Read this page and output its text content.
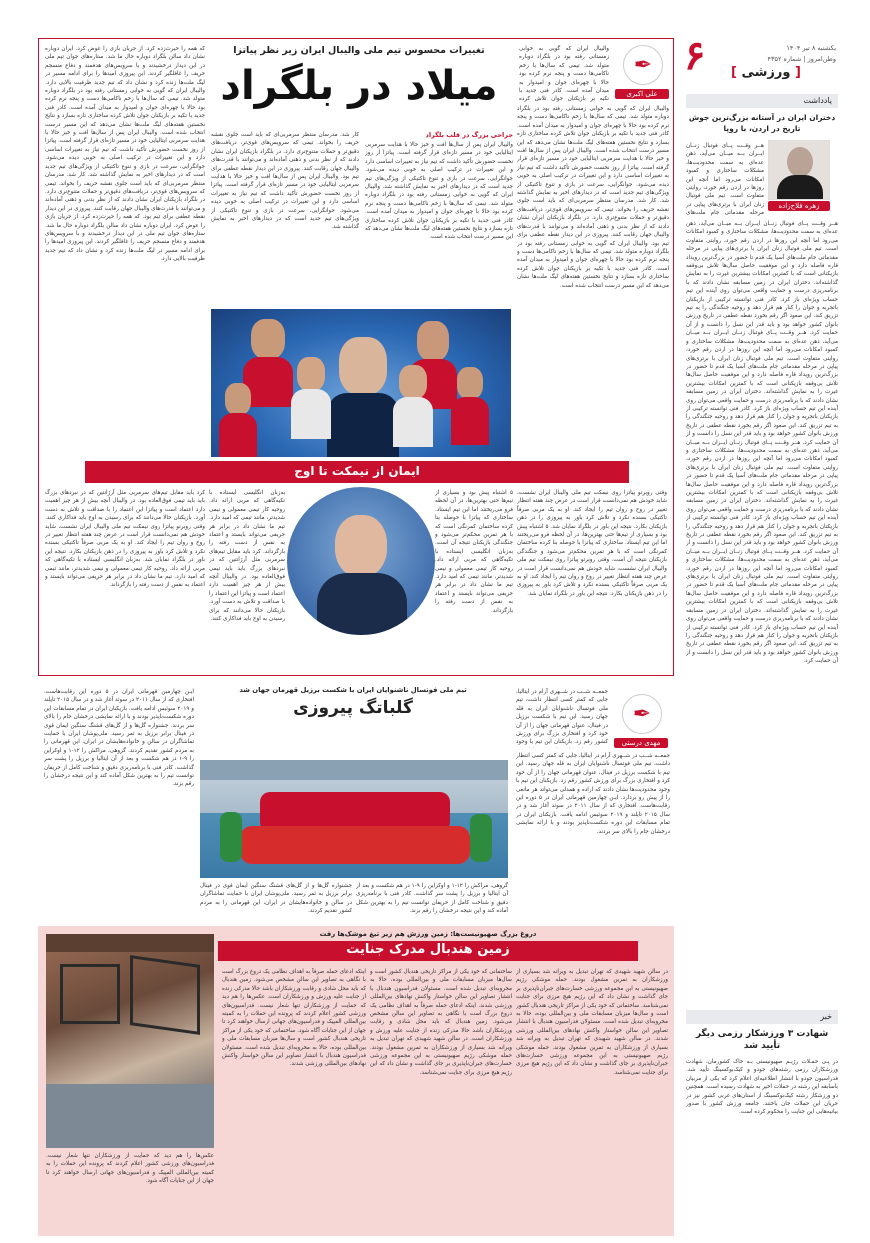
۶	یکشنبه ۸ تیر ۱۴۰۴
وطن‌امروز | شماره ۴۳۵۲
[ ورزشی ]
یادداشت
دختران ایران در آستانه بزرگ‌ترین جوش تاریخ در اردن، با روپا
زهره فلاح‌زاده
هــر وقــت پــای فوتبال زنــان ایــران بــه میــان می‌آید، ذهن عده‌ای به سمت محدودیت‌ها، مشکلات ساختاری و کمبود امکانات می‌رود اما آنچه این روزها در اردن رقم خورد، روایتی متفاوت است. تیم ملی فوتبال زنان ایران با برتری‌های پیاپی در مرحله مقدماتی جام ملت‌های
هــر وقــت پــای فوتبال زنــان ایــران بــه میــان می‌آید، ذهن عده‌ای به سمت محدودیت‌ها، مشکلات ساختاری و کمبود امکانات می‌رود اما آنچه این روزها در اردن رقم خورد، روایتی متفاوت است. تیم ملی فوتبال زنان ایران با برتری‌های پیاپی در مرحله مقدماتی جام ملت‌های آسیا یک قدم تا حضور در بزرگ‌ترین رویداد قاره فاصله دارد و این موفقیت حاصل سال‌ها تلاش بی‌وقفه بازیکنانی است که با کمترین امکانات بیشترین غیرت را به نمایش گذاشته‌اند. دختران ایران در زمین مسابقه نشان دادند که با برنامه‌ریزی درست و حمایت واقعی می‌توان روی آینده این تیم حساب ویژه‌ای باز کرد. کادر فنی توانسته ترکیبی از بازیکنان باتجربه و جوان را کنار هم قرار دهد و روحیه جنگندگی را به تیم تزریق کند. این صعود اگر رقم بخورد نقطه عطفی در تاریخ ورزش بانوان کشور خواهد بود و باید قدر این نسل را دانست و از آن حمایت کرد. هــر وقــت پــای فوتبال زنــان ایــران بــه میــان می‌آید، ذهن عده‌ای به سمت محدودیت‌ها، مشکلات ساختاری و کمبود امکانات می‌رود اما آنچه این روزها در اردن رقم خورد، روایتی متفاوت است. تیم ملی فوتبال زنان ایران با برتری‌های پیاپی در مرحله مقدماتی جام ملت‌های آسیا یک قدم تا حضور در بزرگ‌ترین رویداد قاره فاصله دارد و این موفقیت حاصل سال‌ها تلاش بی‌وقفه بازیکنانی است که با کمترین امکانات بیشترین غیرت را به نمایش گذاشته‌اند. دختران ایران در زمین مسابقه نشان دادند که با برنامه‌ریزی درست و حمایت واقعی می‌توان روی آینده این تیم حساب ویژه‌ای باز کرد. کادر فنی توانسته ترکیبی از بازیکنان باتجربه و جوان را کنار هم قرار دهد و روحیه جنگندگی را به تیم تزریق کند. این صعود اگر رقم بخورد نقطه عطفی در تاریخ ورزش بانوان کشور خواهد بود و باید قدر این نسل را دانست و از آن حمایت کرد. هــر وقــت پــای فوتبال زنــان ایــران بــه میــان می‌آید، ذهن عده‌ای به سمت محدودیت‌ها، مشکلات ساختاری و کمبود امکانات می‌رود اما آنچه این روزها در اردن رقم خورد، روایتی متفاوت است. تیم ملی فوتبال زنان ایران با برتری‌های پیاپی در مرحله مقدماتی جام ملت‌های آسیا یک قدم تا حضور در بزرگ‌ترین رویداد قاره فاصله دارد و این موفقیت حاصل سال‌ها تلاش بی‌وقفه بازیکنانی است که با کمترین امکانات بیشترین غیرت را به نمایش گذاشته‌اند. دختران ایران در زمین مسابقه نشان دادند که با برنامه‌ریزی درست و حمایت واقعی می‌توان روی آینده این تیم حساب ویژه‌ای باز کرد. کادر فنی توانسته ترکیبی از بازیکنان باتجربه و جوان را کنار هم قرار دهد و روحیه جنگندگی را به تیم تزریق کند. این صعود اگر رقم بخورد نقطه عطفی در تاریخ ورزش بانوان کشور خواهد بود و باید قدر این نسل را دانست و از آن حمایت کرد. هــر وقــت پــای فوتبال زنــان ایــران بــه میــان می‌آید، ذهن عده‌ای به سمت محدودیت‌ها، مشکلات ساختاری و کمبود امکانات می‌رود اما آنچه این روزها در اردن رقم خورد، روایتی متفاوت است. تیم ملی فوتبال زنان ایران با برتری‌های پیاپی در مرحله مقدماتی جام ملت‌های آسیا یک قدم تا حضور در بزرگ‌ترین رویداد قاره فاصله دارد و این موفقیت حاصل سال‌ها تلاش بی‌وقفه بازیکنانی است که با کمترین امکانات بیشترین غیرت را به نمایش گذاشته‌اند. دختران ایران در زمین مسابقه نشان دادند که با برنامه‌ریزی درست و حمایت واقعی می‌توان روی آینده این تیم حساب ویژه‌ای باز کرد. کادر فنی توانسته ترکیبی از بازیکنان باتجربه و جوان را کنار هم قرار دهد و روحیه جنگندگی را به تیم تزریق کند. این صعود اگر رقم بخورد نقطه عطفی در تاریخ ورزش بانوان کشور خواهد بود و باید قدر این نسل را دانست و از آن حمایت کرد.
خبر
شهادت ۳ ورزشکار رزمی دیگر تأیید شد
در پـی حمـلات رژیـم صهیونیستی بـه خاک کشورمان، شهادت ورزشکاران رزمی رشته‌های جودو و کیک‌بوکسینگ تأیید شد. فدراسیون جودو با انتشار اطلاعیه‌ای اعلام کرد که یکی از مربیان باسابقه این رشته در حملات اخیر به شهادت رسیده است. همچنین دو ورزشکار رشته کیک‌بوکسینگ از استان‌های غربی کشور نیز در جریان این حملات جان باختند. جامعه ورزش کشور با صدور بیانیه‌هایی این جنایت را محکوم کرده است.
✒
علی اکبری
والیبال ایران که گویی به خوابی زمستانی رفته بود در بلگراد دوباره متولد شد. تیمی که سال‌ها با زخم ناکامی‌ها دست و پنجه نرم کرده بود حالا با چهره‌ای جوان و امیدوار به میدان آمده است. کادر فنی جدید با تکیه بر بازیکنان جوان تلاش کرده
والیبال ایران که گویی به خوابی زمستانی رفته بود در بلگراد دوباره متولد شد. تیمی که سال‌ها با زخم ناکامی‌ها دست و پنجه نرم کرده بود حالا با چهره‌ای جوان و امیدوار به میدان آمده است. کادر فنی جدید با تکیه بر بازیکنان جوان تلاش کرده ساختاری تازه بسازد و نتایج نخستین هفته‌های لیگ ملت‌ها نشان می‌دهد که این مسیر درست انتخاب شده است. والیبال ایران پس از سال‌ها افت و خیز حالا با هدایت سرمربی ایتالیایی خود در مسیر تازه‌ای قرار گرفته است. پیاتزا از روز نخست حضورش تأکید داشت که تیم نیاز به تغییرات اساسی دارد و این تغییرات در ترکیب اصلی به خوبی دیده می‌شود. جوانگرایی، سرعت در بازی و تنوع تاکتیکی از ویژگی‌های تیم جدید است که در دیدارهای اخیر به نمایش گذاشته شد. کار شد. مدرسان منتظر سرمربی‌ای که باید است جلوی نقشه حریف را بخواند. تیمی که سرویس‌های قوی‌تر، دریافت‌های دقیق‌تر و حملات متنوع‌تری دارد. در بلگراد بازیکنان ایران نشان دادند که از نظر بدنی و ذهنی آماده‌اند و می‌توانند با قدرت‌های والیبال جهان رقابت کنند. پیروزی در این دیدار نقطه عطفی برای تیم بود. والیبال ایران که گویی به خوابی زمستانی رفته بود در بلگراد دوباره متولد شد. تیمی که سال‌ها با زخم ناکامی‌ها دست و پنجه نرم کرده بود حالا با چهره‌ای جوان و امیدوار به میدان آمده است. کادر فنی جدید با تکیه بر بازیکنان جوان تلاش کرده ساختاری تازه بسازد و نتایج نخستین هفته‌های لیگ ملت‌ها نشان می‌دهد که این مسیر درست انتخاب شده است.
تغییرات محسوس تیم ملی والیبال ایران زیر نظر پیاتزا
میلاد در بلگراد
جراحی بزرگ در قلب بلگراد
والیبال ایران پس از سال‌ها افت و خیز حالا با هدایت سرمربی ایتالیایی خود در مسیر تازه‌ای قرار گرفته است. پیاتزا از روز نخست حضورش تأکید داشت که تیم نیاز به تغییرات اساسی دارد و این تغییرات در ترکیب اصلی به خوبی دیده می‌شود. جوانگرایی، سرعت در بازی و تنوع تاکتیکی از ویژگی‌های تیم جدید است که در دیدارهای اخیر به نمایش گذاشته شد. والیبال ایران که گویی به خوابی زمستانی رفته بود در بلگراد دوباره متولد شد. تیمی که سال‌ها با زخم ناکامی‌ها دست و پنجه نرم کرده بود حالا با چهره‌ای جوان و امیدوار به میدان آمده است. کادر فنی جدید با تکیه بر بازیکنان جوان تلاش کرده ساختاری تازه بسازد و نتایج نخستین هفته‌های لیگ ملت‌ها نشان می‌دهد که این مسیر درست انتخاب شده است.
کار شد. مدرسان منتظر سرمربی‌ای که باید است جلوی نقشه حریف را بخواند. تیمی که سرویس‌های قوی‌تر، دریافت‌های دقیق‌تر و حملات متنوع‌تری دارد. در بلگراد بازیکنان ایران نشان دادند که از نظر بدنی و ذهنی آماده‌اند و می‌توانند با قدرت‌های والیبال جهان رقابت کنند. پیروزی در این دیدار نقطه عطفی برای تیم بود. والیبال ایران پس از سال‌ها افت و خیز حالا با هدایت سرمربی ایتالیایی خود در مسیر تازه‌ای قرار گرفته است. پیاتزا از روز نخست حضورش تأکید داشت که تیم نیاز به تغییرات اساسی دارد و این تغییرات در ترکیب اصلی به خوبی دیده می‌شود. جوانگرایی، سرعت در بازی و تنوع تاکتیکی از ویژگی‌های تیم جدید است که در دیدارهای اخیر به نمایش گذاشته شد.
که همه را حیرت‌زده کرد. از جریان بازی را عوض کرد. ایران دوباره نشان داد سالن بلگراد دوباره حال ما شد. ستاره‌های جوان تیم ملی در این دیدار درخشیدند و با سرویس‌های هدفمند و دفاع منسجم حریف را غافلگیر کردند. این پیروزی امیدها را برای ادامه مسیر در لیگ ملت‌ها زنده کرد و نشان داد که تیم جدید ظرفیت بالایی دارد. والیبال ایران که گویی به خوابی زمستانی رفته بود در بلگراد دوباره متولد شد. تیمی که سال‌ها با زخم ناکامی‌ها دست و پنجه نرم کرده بود حالا با چهره‌ای جوان و امیدوار به میدان آمده است. کادر فنی جدید با تکیه بر بازیکنان جوان تلاش کرده ساختاری تازه بسازد و نتایج نخستین هفته‌های لیگ ملت‌ها نشان می‌دهد که این مسیر درست انتخاب شده است. والیبال ایران پس از سال‌ها افت و خیز حالا با هدایت سرمربی ایتالیایی خود در مسیر تازه‌ای قرار گرفته است. پیاتزا از روز نخست حضورش تأکید داشت که تیم نیاز به تغییرات اساسی دارد و این تغییرات در ترکیب اصلی به خوبی دیده می‌شود. جوانگرایی، سرعت در بازی و تنوع تاکتیکی از ویژگی‌های تیم جدید است که در دیدارهای اخیر به نمایش گذاشته شد. کار شد. مدرسان منتظر سرمربی‌ای که باید است جلوی نقشه حریف را بخواند. تیمی که سرویس‌های قوی‌تر، دریافت‌های دقیق‌تر و حملات متنوع‌تری دارد. در بلگراد بازیکنان ایران نشان دادند که از نظر بدنی و ذهنی آماده‌اند و می‌توانند با قدرت‌های والیبال جهان رقابت کنند. پیروزی در این دیدار نقطه عطفی برای تیم بود. که همه را حیرت‌زده کرد. از جریان بازی را عوض کرد. ایران دوباره نشان داد سالن بلگراد دوباره حال ما شد. ستاره‌های جوان تیم ملی در این دیدار درخشیدند و با سرویس‌های هدفمند و دفاع منسجم حریف را غافلگیر کردند. این پیروزی امیدها را برای ادامه مسیر در لیگ ملت‌ها زنده کرد و نشان داد که تیم جدید ظرفیت بالایی دارد.
ایمان از نیمکت تا اوج
وقتی روبرتو پیاتزا روی نیمکت تیم ملی والیبال ایران نشست، شاید خودش هم نمی‌دانست قرار است در عرض چند هفته انتظار تغییر در روح و روان تیم را ایجاد کند. او به یک مربی صرفاً تاکتیکی بسنده نکرد و تلاش کرد باور به پیروزی را در ذهن بازیکنان بکارد. نتیجه این باور در بلگراد نمایان شد. ۵ اشتباه پیش بود و بسیاری از تیم‌ها حتی بهترین‌ها، در آن لحظه فرو می‌ریختند اما این تیم ایستاد. ساختاری که پیاتزا با حوصله بنا کرده ساختمان کمرنگی است که با هر تمرین محکم‌تر می‌شود و جنگندگی بازیکنان نتیجه آن است. وقتی روبرتو پیاتزا روی نیمکت تیم ملی والیبال ایران نشست، شاید خودش هم نمی‌دانست قرار است در عرض چند هفته انتظار تغییر در روح و روان تیم را ایجاد کند. او به یک مربی صرفاً تاکتیکی بسنده نکرد و تلاش کرد باور به پیروزی را در ذهن بازیکنان بکارد. نتیجه این باور در بلگراد نمایان شد.
۵ اشتباه پیش بود و بسیاری از تیم‌ها حتی بهترین‌ها، در آن لحظه فرو می‌ریختند اما این تیم ایستاد. ساختاری که پیاتزا با حوصله بنا کرده ساختمان کمرنگی است که با هر تمرین محکم‌تر می‌شود و جنگندگی بازیکنان نتیجه آن است. به‌زبان انگلیسی ایستاده با تکیه‌گاهی که مربی ارائه داد. روحیه کار تیمی معمولی و نیمی شدیدتر، مانند تیمی که امید دارد. تیم ما نشان داد در برابر هر حریفی می‌تواند بایستد و اعتماد به نفس از دست رفته را بازگرداند.
به‌زبان انگلیسی ایستاده با تکیه‌گاهی که مربی ارائه داد. روحیه کار تیمی معمولی و نیمی شدیدتر، مانند تیمی که امید دارد. تیم ما نشان داد در برابر هر حریفی می‌تواند بایستد و اعتماد به نفس از دست رفته را بازگرداند. کرد باید مقابل تیم‌های سرمربی مثل آرژانتین که در نبردهای بزرگ باید باید تیمی فوق‌العاده بود. در والیبال آنچه بیش از هر چیز اهمیت دارد اعتماد است و پیاتزا این اعتماد را با صداقت و تلاش به دست آورد. بازیکنان حالا می‌دانند که برای رسیدن به اوج باید فداکاری کنند.
کرد باید مقابل تیم‌های سرمربی مثل آرژانتین که در نبردهای بزرگ باید باید تیمی فوق‌العاده بود. در والیبال آنچه بیش از هر چیز اهمیت دارد اعتماد است و پیاتزا این اعتماد را با صداقت و تلاش به دست آورد. بازیکنان حالا می‌دانند که برای رسیدن به اوج باید فداکاری کنند. وقتی روبرتو پیاتزا روی نیمکت تیم ملی والیبال ایران نشست، شاید خودش هم نمی‌دانست قرار است در عرض چند هفته انتظار تغییر در روح و روان تیم را ایجاد کند. او به یک مربی صرفاً تاکتیکی بسنده نکرد و تلاش کرد باور به پیروزی را در ذهن بازیکنان بکارد. نتیجه این باور در بلگراد نمایان شد. به‌زبان انگلیسی ایستاده با تکیه‌گاهی که مربی ارائه داد. روحیه کار تیمی معمولی و نیمی شدیدتر، مانند تیمی که امید دارد. تیم ما نشان داد در برابر هر حریفی می‌تواند بایستد و اعتماد به نفس از دست رفته را بازگرداند.
✒
مهدی درستی
جمعــه شــب در شــهری آرام در ایتالیا، جایی که کمتر کسی انتظار داشت، تیم ملی فوتسال ناشنوایان ایران به قله جهان رسید. این تیم با شکست برزیل در فینال، عنوان قهرمانی جهان را از آن خود کرد و افتخاری بزرگ برای ورزش کشور رقم زد. بازیکنان این تیم با وجود
جمعــه شــب در شــهری آرام در ایتالیا، جایی که کمتر کسی انتظار داشت، تیم ملی فوتسال ناشنوایان ایران به قله جهان رسید. این تیم با شکست برزیل در فینال، عنوان قهرمانی جهان را از آن خود کرد و افتخاری بزرگ برای ورزش کشور رقم زد. بازیکنان این تیم با وجود محدودیت‌ها نشان دادند که اراده و همدلی می‌تواند هر مانعی را از پیش رو بردارد. ایـن چهارمین قهرمانی ایران در ۵ دوره این رقابت‌هاست. افتخاری که از سال ۲۰۱۱ در سوئد آغاز شد و در سال ۲۰۱۵ تایلند و ۲۰۱۹ سوئیس ادامه یافت. بازیکنان ایران در تمام مسابقات این دوره شکست‌ناپذیر بودند و با ارائه نمایشی درخشان جام را بالای سر بردند.
تیم ملی فوتسال ناشنوایان ایران با شکست برزیل قهرمان جهان شد
گلباتگ پیروزی
ایـن چهارمین قهرمانی ایران در ۵ دوره این رقابت‌هاست. افتخاری که از سال ۲۰۱۱ در سوئد آغاز شد و در سال ۲۰۱۵ تایلند و ۲۰۱۹ سوئیس ادامه یافت. بازیکنان ایران در تمام مسابقات این دوره شکست‌ناپذیر بودند و با ارائه نمایشی درخشان جام را بالای سر بردند. جشنواره گل‌ها و از گل‌های قشنگ سنگین ایمان قوی در فینال برابر برزیل به ثمر رسید. ملی‌پوشان ایران با حمایت تماشاگران در سالن و خانواده‌هایشان در ایران، این قهرمانی را به مردم کشور تقدیم کردند. گروهی، مراکش را ۱۲-۱ و اوکراین را ۹-۱ در هم شکست و بعد از آن ایتالیا و برزیل را پشت سر گذاشت. کادر فنی با برنامه‌ریزی دقیق و شناخت کامل از حریفان توانست تیم را به بهترین شکل آماده کند و این نتیجه درخشان را رقم بزند.
گروهی، مراکش را ۱۲-۱ و اوکراین را ۹-۱ در هم شکست و بعد از آن ایتالیا و برزیل را پشت سر گذاشت. کادر فنی با برنامه‌ریزی دقیق و شناخت کامل از حریفان توانست تیم را به بهترین شکل آماده کند و این نتیجه درخشان را رقم بزند.
جشنواره گل‌ها و از گل‌های قشنگ سنگین ایمان قوی در فینال برابر برزیل به ثمر رسید. ملی‌پوشان ایران با حمایت تماشاگران در سالن و خانواده‌هایشان در ایران، این قهرمانی را به مردم کشور تقدیم کردند.
دروغ بزرگ صهیونیست‌ها: زمین ورزش هم زیر تیغ موشک‌ها رفت
زمین هندبال مدرک جنایت
در سالن شهید شهیدی که تهران تبدیل به ویرانه شد بسیاری از ورزشکاران به تمرین مشغول بودند. حمله موشکی رژیم صهیونیستی به این مجموعه ورزشی خسارت‌های جبران‌ناپذیری بر جای گذاشت و نشان داد که این رژیم هیچ مرزی برای جنایت نمی‌شناسد. ساختمانی که خود یکی از مراکز تاریخی هندبال کشور است و سال‌ها میزبان مسابقات ملی و بین‌المللی بوده، حالا به مخروبه‌ای تبدیل شده است. مسئولان فدراسیون هندبال با انتشار تصاویر این سالن خواستار واکنش نهادهای بین‌المللی ورزشی شدند. در سالن شهید شهیدی که تهران تبدیل به ویرانه شد بسیاری از ورزشکاران به تمرین مشغول بودند. حمله موشکی رژیم صهیونیستی به این مجموعه ورزشی خسارت‌های جبران‌ناپذیری بر جای گذاشت و نشان داد که این رژیم هیچ مرزی برای جنایت نمی‌شناسد.
ساختمانی که خود یکی از مراکز تاریخی هندبال کشور است و سال‌ها میزبان مسابقات ملی و بین‌المللی بوده، حالا به مخروبه‌ای تبدیل شده است. مسئولان فدراسیون هندبال با انتشار تصاویر این سالن خواستار واکنش نهادهای بین‌المللی ورزشی شدند. اینکه ادعای حمله صرفاً به اهداف نظامی یک دروغ بزرگ است با نگاهی به تصاویر این سالن مشخص می‌شود. زمین هندبال که باید محل شادی و رقابت ورزشکاران باشد حالا مدرکی زنده از جنایت علیه ورزش و ورزشکاران است. در سالن شهید شهیدی که تهران تبدیل به ویرانه شد بسیاری از ورزشکاران به تمرین مشغول بودند. حمله موشکی رژیم صهیونیستی به این مجموعه ورزشی خسارت‌های جبران‌ناپذیری بر جای گذاشت و نشان داد که این رژیم هیچ مرزی برای جنایت نمی‌شناسد.
اینکه ادعای حمله صرفاً به اهداف نظامی یک دروغ بزرگ است با نگاهی به تصاویر این سالن مشخص می‌شود. زمین هندبال که باید محل شادی و رقابت ورزشکاران باشد حالا مدرکی زنده از جنایت علیه ورزش و ورزشکاران است. عکس‌ها را هم دید که حمایت از ورزشکاران تنها شعار نیست. فدراسیون‌های ورزشی کشور اعلام کردند که پرونده این حملات را به کمیته بین‌المللی المپیک و فدراسیون‌های جهانی ارسال خواهند کرد تا جهان از این جنایات آگاه شود. ساختمانی که خود یکی از مراکز تاریخی هندبال کشور است و سال‌ها میزبان مسابقات ملی و بین‌المللی بوده، حالا به مخروبه‌ای تبدیل شده است. مسئولان فدراسیون هندبال با انتشار تصاویر این سالن خواستار واکنش نهادهای بین‌المللی ورزشی شدند.
عکس‌ها را هم دید که حمایت از ورزشکاران تنها شعار نیست. فدراسیون‌های ورزشی کشور اعلام کردند که پرونده این حملات را به کمیته بین‌المللی المپیک و فدراسیون‌های جهانی ارسال خواهند کرد تا جهان از این جنایات آگاه شود.
